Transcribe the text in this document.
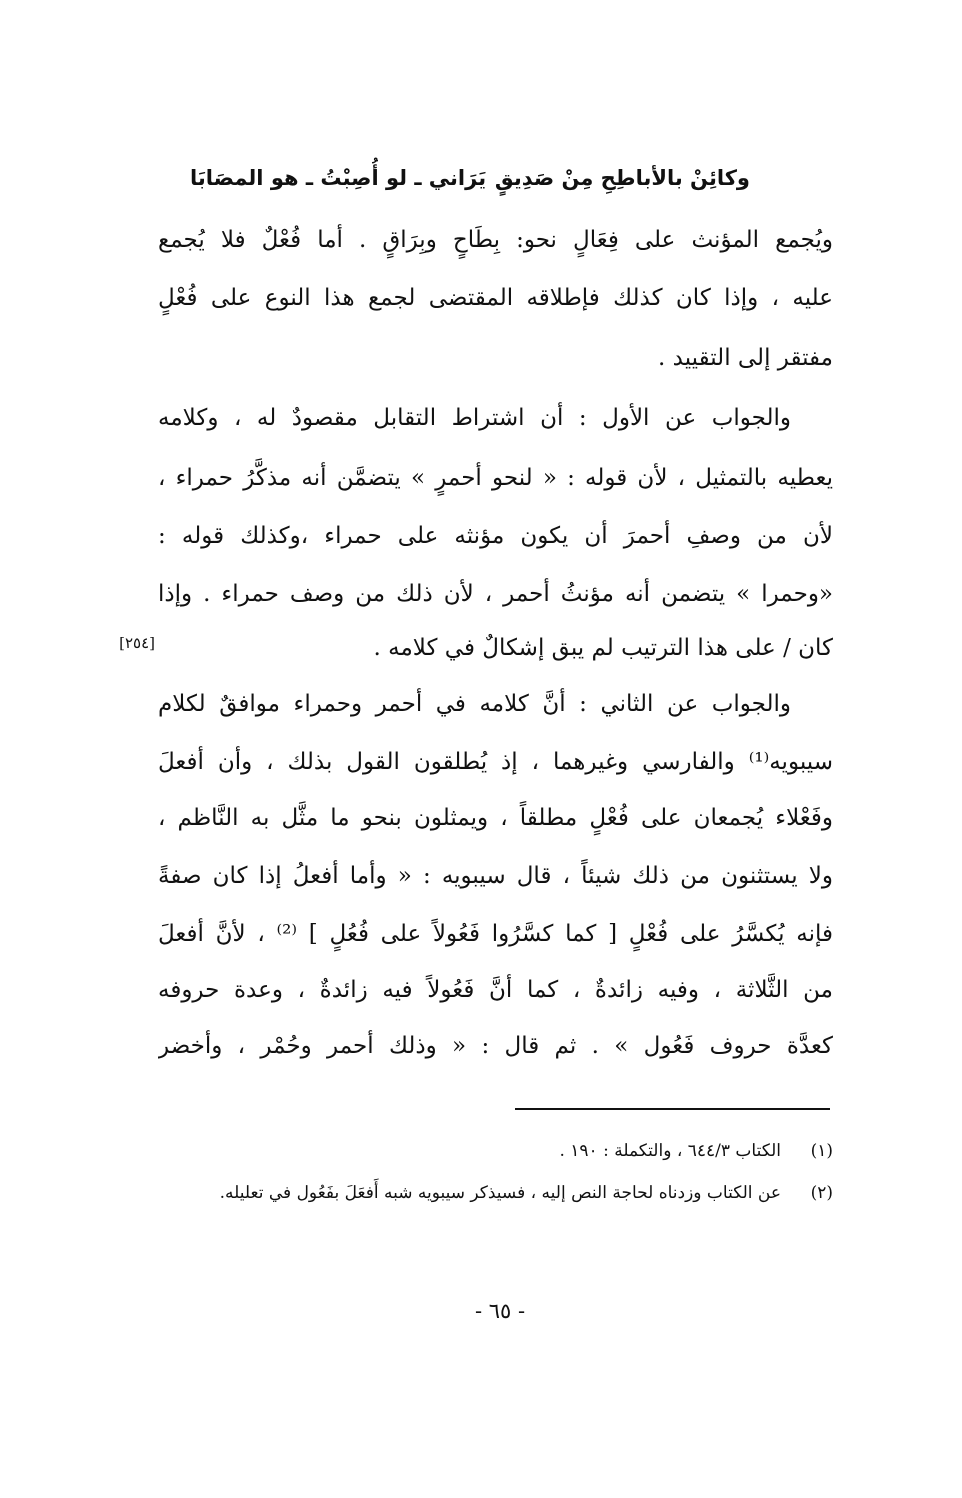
وكائِنْ بالأباطِحِ مِنْ صَدِيقٍ
يَرَاني ـ لو أُصِبْتُ ـ هو المصَابَا
ويُجمع المؤنث على فِعَالٍ نحو: بِطَاحٍ وبِرَاقٍ . أما فُعْلٌ فلا يُجمع
عليه ، وإذا كان كذلك فإطلاقه المقتضى لجمع هذا النوع على فُعْلٍ
مفتقر إلى التقييد .
والجواب عن الأول : أن اشتراط التقابل مقصودٌ له ، وكلامه
يعطيه بالتمثيل ، لأن قوله : « لنحو أحمرٍ » يتضمَّن أنه مذكَّرُ حمراء ،
لأن من وصفِ أحمرَ أن يكون مؤنثه على حمراء ،وكذلك قوله :
«وحمرا » يتضمن أنه مؤنثُ أحمر ، لأن ذلك من وصف حمراء . وإذا
كان / على هذا الترتيب لم يبق إشكالٌ في كلامه .
[٢٥٤]
والجواب عن الثاني : أنَّ كلامه في أحمر وحمراء موافقٌ لكلام
سيبويه⁽¹⁾ والفارسي وغيرهما ، إذ يُطلقون القول بذلك ، وأن أفعلَ
وفَعْلاء يُجمعان على فُعْلٍ مطلقاً ، ويمثلون بنحو ما مثَّل به النَّاظم ،
ولا يستثنون من ذلك شيئاً ، قال سيبويه : « وأما أفعلُ إذا كان صفةً
فإنه يُكسَّرُ على فُعْلٍ [ كما كسَّرُوا فَعُولاً على فُعُلٍ ] ⁽²⁾ ، لأنَّ أفعلَ
من الثَّلاثة ، وفيه زائدةٌ ، كما أنَّ فَعُولاً فيه زائدةٌ ، وعدة حروفه
كعدَّة حروف فَعُول » . ثم قال : « وذلك أحمر وحُمْر ، وأخضر
(١)
الكتاب ٦٤٤/٣ ، والتكملة : ١٩٠ .
(٢)
عن الكتاب وزدناه لحاجة النص إليه ، فسيذكر سيبويه شبه أَفعَلَ بفَعُول في تعليله.
- ٦٥ -
